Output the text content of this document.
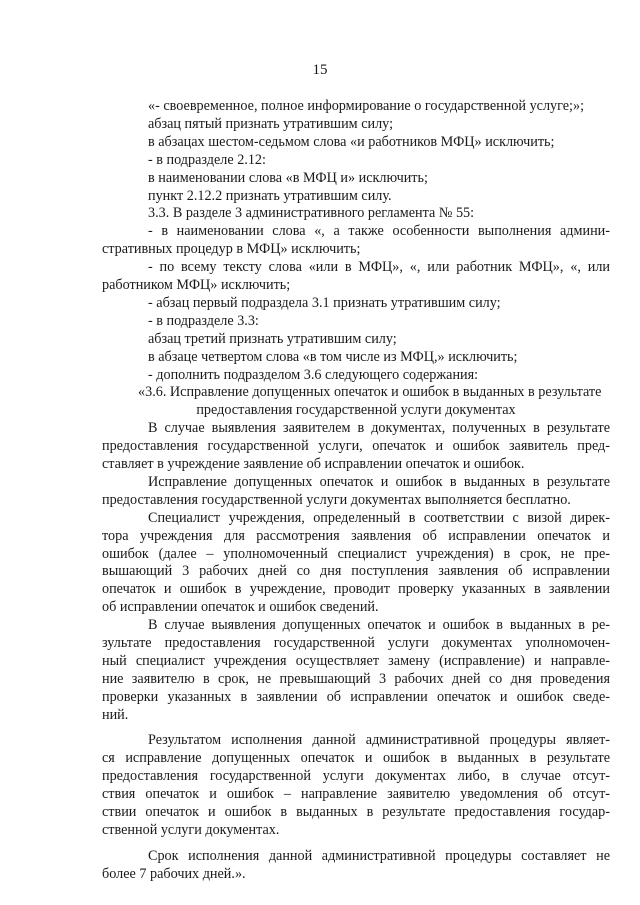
15
«- своевременное, полное информирование о государственной услуге;»;
абзац пятый признать утратившим силу;
в абзацах шестом-седьмом слова «и работников МФЦ» исключить;
- в подразделе 2.12:
в наименовании слова «в МФЦ и» исключить;
пункт 2.12.2 признать утратившим силу.
3.3. В разделе 3 административного регламента № 55:
- в наименовании слова «, а также особенности выполнения админи-
стративных процедур в МФЦ» исключить;
- по всему тексту слова «или в МФЦ», «, или работник МФЦ», «, или
работником МФЦ» исключить;
- абзац первый подраздела 3.1 признать утратившим силу;
- в подразделе 3.3:
абзац третий признать утратившим силу;
в абзаце четвертом слова «в том числе из МФЦ,» исключить;
- дополнить подразделом 3.6 следующего содержания:
«3.6. Исправление допущенных опечаток и ошибок в выданных в результате
предоставления государственной услуги документах
В случае выявления заявителем в документах, полученных в результате
предоставления государственной услуги, опечаток и ошибок заявитель пред-
ставляет в учреждение заявление об исправлении опечаток и ошибок.
Исправление допущенных опечаток и ошибок в выданных в результате
предоставления государственной услуги документах выполняется бесплатно.
Специалист учреждения, определенный в соответствии с визой дирек-
тора учреждения для рассмотрения заявления об исправлении опечаток и
ошибок (далее – уполномоченный специалист учреждения) в срок, не пре-
вышающий 3 рабочих дней со дня поступления заявления об исправлении
опечаток и ошибок в учреждение, проводит проверку указанных в заявлении
об исправлении опечаток и ошибок сведений.
В случае выявления допущенных опечаток и ошибок в выданных в ре-
зультате предоставления государственной услуги документах уполномочен-
ный специалист учреждения осуществляет замену (исправление) и направле-
ние заявителю в срок, не превышающий 3 рабочих дней со дня проведения
проверки указанных в заявлении об исправлении опечаток и ошибок сведе-
ний.
Результатом исполнения данной административной процедуры являет-
ся исправление допущенных опечаток и ошибок в выданных в результате
предоставления государственной услуги документах либо, в случае отсут-
ствия опечаток и ошибок – направление заявителю уведомления об отсут-
ствии опечаток и ошибок в выданных в результате предоставления государ-
ственной услуги документах.
Срок исполнения данной административной процедуры составляет не
более 7 рабочих дней.».
